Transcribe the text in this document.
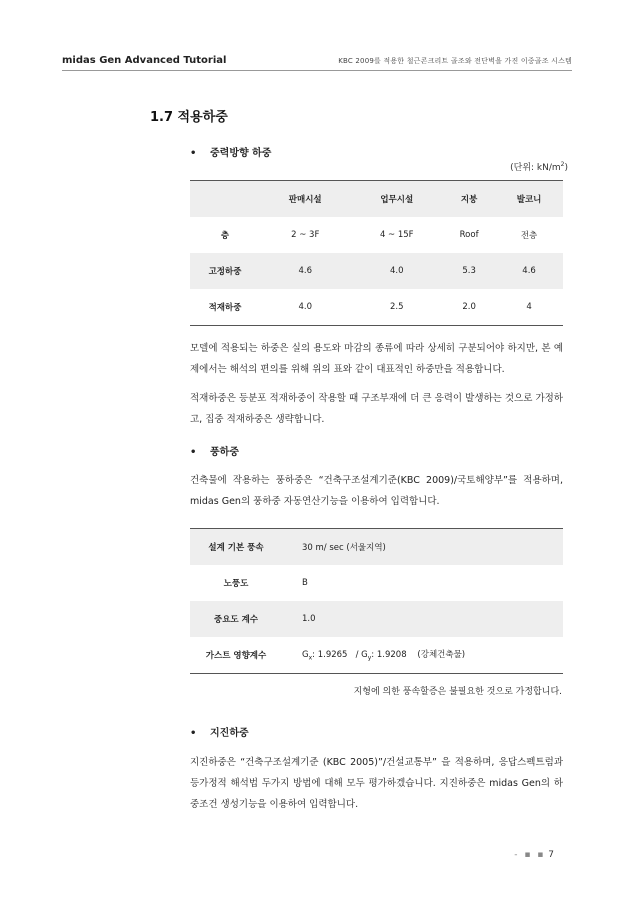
midas Gen Advanced Tutorial	KBC 2009를 적용한 철근콘크리트 골조와 전단벽을 가진 이중골조 시스템
1.7 적용하중
• 중력방향 하중
(단위: $kN/m^2$)
	판매시설	업무시설	지붕	발코니
층	2 ~ 3F	4 ~ 15F	Roof	전층
고정하중	4.6	4.0	5.3	4.6
적재하중	4.0	2.5	2.0	4
모델에 적용되는 하중은 실의 용도와 마감의 종류에 따라 상세히 구분되어야 하지만, 본 예제에서는 해석의 편의를 위해 위의 표와 같이 대표적인 하중만을 적용합니다.
적재하중은 등분포 적재하중이 작용할 때 구조부재에 더 큰 응력이 발생하는 것으로 가정하고, 집중 적재하중은 생략합니다.
• 풍하중
건축물에 작용하는 풍하중은 “건축구조설계기준(KBC 2009)/국토해양부”를 적용하며, midas Gen의 풍하중 자동연산기능을 이용하여 입력합니다.
설계 기본 풍속	30 m/ sec (서울지역)
노풍도	B
중요도 계수	1.0
가스트 영향계수	$G_x$: $1.9265 / G_y$: 1.9208 (강체건축물)
지형에 의한 풍속할증은 불필요한 것으로 가정합니다.
• 지진하중
지진하중은 “건축구조설계기준 (KBC 2005)”/건설교통부” 을 적용하며, 응답스펙트럼과 등가정적 해석법 두가지 방법에 대해 모두 평가하겠습니다. 지진하중은 midas Gen의 하중조건 생성기능을 이용하여 입력합니다.
- ▪ ▪ 7
